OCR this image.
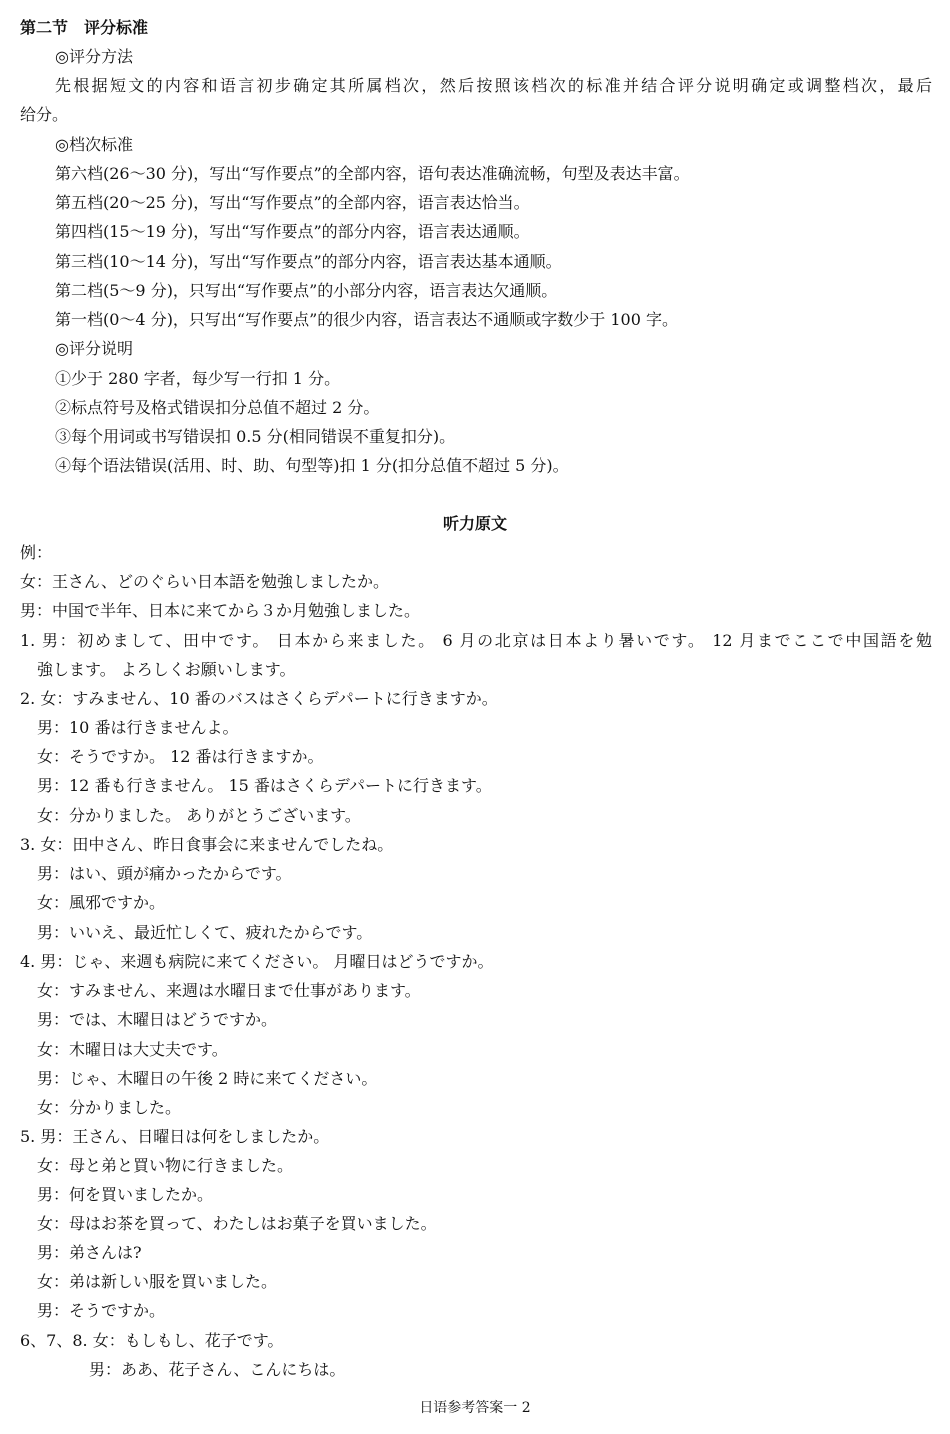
第二节　评分标准
◎评分方法
先根据短文的内容和语言初步确定其所属档次，然后按照该档次的标准并结合评分说明确定或调整档次，最后
给分。
◎档次标准
第六档(26～30 分)，写出“写作要点”的全部内容，语句表达准确流畅，句型及表达丰富。
第五档(20～25 分)，写出“写作要点”的全部内容，语言表达恰当。
第四档(15～19 分)，写出“写作要点”的部分内容，语言表达通顺。
第三档(10～14 分)，写出“写作要点”的部分内容，语言表达基本通顺。
第二档(5～9 分)，只写出“写作要点”的小部分内容，语言表达欠通顺。
第一档(0～4 分)，只写出“写作要点”的很少内容，语言表达不通顺或字数少于 100 字。
◎评分说明
①少于 280 字者，每少写一行扣 1 分。
②标点符号及格式错误扣分总值不超过 2 分。
③每个用词或书写错误扣 0.5 分(相同错误不重复扣分)。
④每个语法错误(活用、时、助、句型等)扣 1 分(扣分总值不超过 5 分)。
听力原文
例：
女：王さん、どのぐらい日本語を勉強しましたか。
男：中国で半年、日本に来てから３か月勉強しました。
1. 男：初めまして、田中です。 日本から来ました。 6 月の北京は日本より暑いです。 12 月までここで中国語を勉
強します。 よろしくお願いします。
2. 女：すみません、10 番のバスはさくらデパートに行きますか。
男：10 番は行きませんよ。
女：そうですか。 12 番は行きますか。
男：12 番も行きません。 15 番はさくらデパートに行きます。
女：分かりました。 ありがとうございます。
3. 女：田中さん、昨日食事会に来ませんでしたね。
男：はい、頭が痛かったからです。
女：風邪ですか。
男：いいえ、最近忙しくて、疲れたからです。
4. 男：じゃ、来週も病院に来てください。 月曜日はどうですか。
女：すみません、来週は水曜日まで仕事があります。
男：では、木曜日はどうですか。
女：木曜日は大丈夫です。
男：じゃ、木曜日の午後 2 時に来てください。
女：分かりました。
5. 男：王さん、日曜日は何をしましたか。
女：母と弟と買い物に行きました。
男：何を買いましたか。
女：母はお茶を買って、わたしはお菓子を買いました。
男：弟さんは?
女：弟は新しい服を買いました。
男：そうですか。
6、7、8. 女：もしもし、花子です。
男：ああ、花子さん、こんにちは。
日语参考答案一 2
